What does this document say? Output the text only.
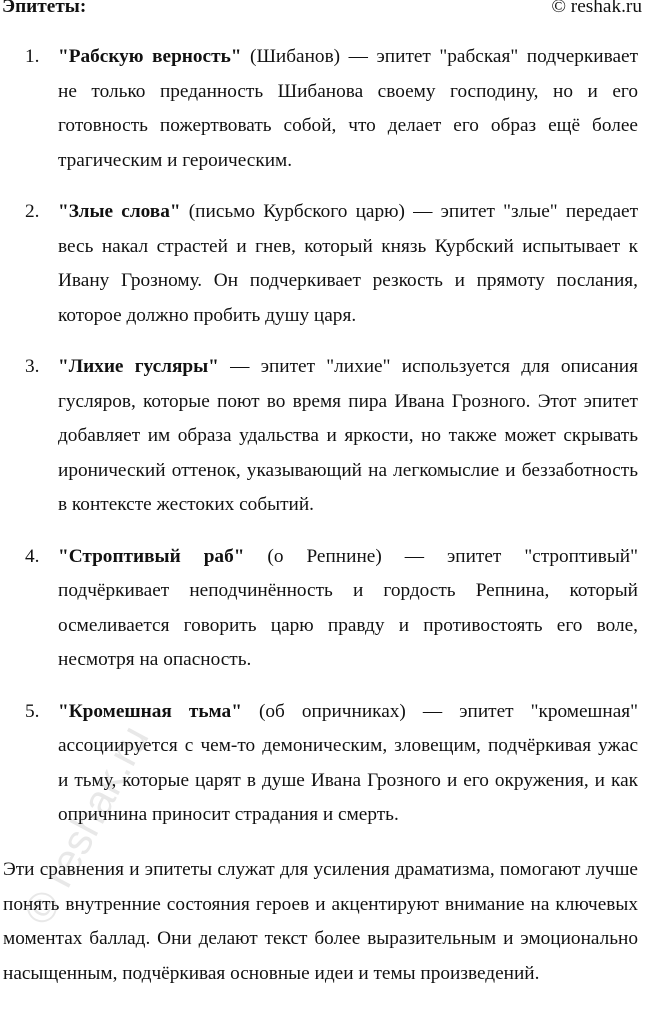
Эпитеты:	© reshak.ru
1. "Рабскую верность" (Шибанов) — эпитет "рабская" подчеркивает не только преданность Шибанова своему господину, но и его готовность пожертвовать собой, что делает его образ ещё более трагическим и героическим.
2. "Злые слова" (письмо Курбского царю) — эпитет "злые" передает весь накал страстей и гнев, который князь Курбский испытывает к Ивану Грозному. Он подчеркивает резкость и прямоту послания, которое должно пробить душу царя.
3. "Лихие гусляры" — эпитет "лихие" используется для описания гусляров, которые поют во время пира Ивана Грозного. Этот эпитет добавляет им образа удальства и яркости, но также может скрывать иронический оттенок, указывающий на легкомыслие и беззаботность в контексте жестоких событий.
4. "Строптивый раб" (о Репнине) — эпитет "строптивый" подчёркивает неподчинённость и гордость Репнина, который осмеливается говорить царю правду и противостоять его воле, несмотря на опасность.
5. "Кромешная тьма" (об опричниках) — эпитет "кромешная" ассоциируется с чем-то демоническим, зловещим, подчёркивая ужас и тьму, которые царят в душе Ивана Грозного и его окружения, и как опричнина приносит страдания и смерть.

Эти сравнения и эпитеты служат для усиления драматизма, помогают лучше понять внутренние состояния героев и акцентируют внимание на ключевых моментах баллад. Они делают текст более выразительным и эмоционально насыщенным, подчёркивая основные идеи и темы произведений.

© reshak.ru
